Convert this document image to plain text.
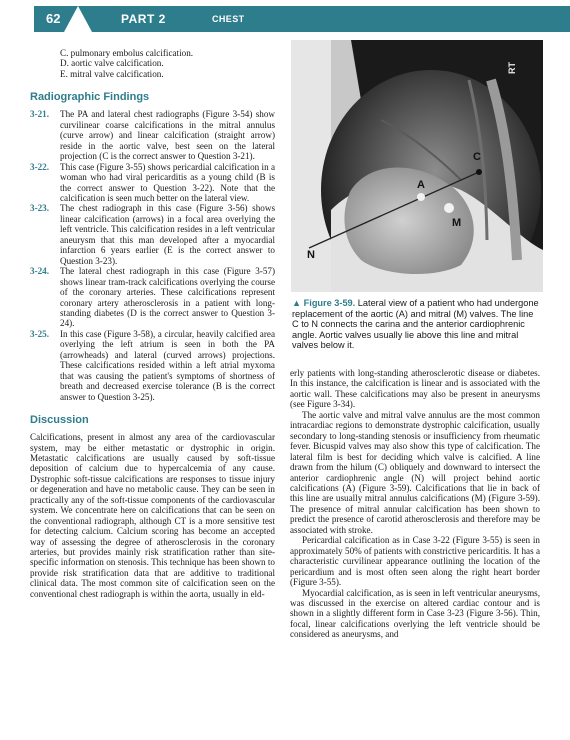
62	PART 2	CHEST

C. pulmonary embolus calcification.

D. aortic valve calcification.

E. mitral valve calcification.

Radiographic Findings
3-21.	The PA and lateral chest radiographs (Figure 3-54) show curvilinear coarse calcifications in the mitral annulus (curve arrow) and linear calcification (straight arrow) reside in the aortic valve, best seen on the lateral projection (C is the correct answer to Question 3-21).
3-22.	This case (Figure 3-55) shows pericardial calcification in a woman who had viral pericarditis as a young child (B is the correct answer to Question 3-22). Note that the calcification is seen much better on the lateral view.
3-23.	The chest radiograph in this case (Figure 3-56) shows linear calcification (arrows) in a focal area overlying the left ventricle. This calcification resides in a left ventricular aneurysm that this man developed after a myocardial infarction 6 years earlier (E is the correct answer to Question 3-23).
3-24.	The lateral chest radiograph in this case (Figure 3-57) shows linear tram-track calcifications overlying the course of the coronary arteries. These calcifications represent coronary artery atherosclerosis in a patient with long-standing diabetes (D is the correct answer to Question 3-24).
3-25.	In this case (Figure 3-58), a circular, heavily calcified area overlying the left atrium is seen in both the PA (arrowheads) and lateral (curved arrows) projections. These calcifications resided within a left atrial myxoma that was causing the patient's symptoms of shortness of breath and decreased exercise tolerance (B is the correct answer to Question 3-25).
Discussion

Calcifications, present in almost any area of the cardiovascular system, may be either metastatic or dystrophic in origin. Metastatic calcifications are usually caused by soft-tissue deposition of calcium due to hypercalcemia of any cause. Dystrophic soft-tissue calcifications are responses to tissue injury or degeneration and have no metabolic cause. They can be seen in practically any of the soft-tissue components of the cardiovascular system. We concentrate here on calcifications that can be seen on the conventional radiograph, although CT is a more sensitive test for detecting calcium. Calcium scoring has become an accepted way of assessing the degree of atherosclerosis in the coronary arteries, but provides mainly risk stratification rather than site-specific information on stenosis. This technique has been shown to provide risk stratification data that are additive to traditional clinical data. The most common site of calcification seen on the conventional chest radiograph is within the aorta, usually in eld-

C
A
M
N
RT
▲ Figure 3-59. Lateral view of a patient who had undergone replacement of the aortic (A) and mitral (M) valves. The line C to N connects the carina and the anterior cardiophrenic angle. Aortic valves usually lie above this line and mitral valves below it.

erly patients with long-standing atherosclerotic disease or diabetes. In this instance, the calcification is linear and is associated with the aortic wall. These calcifications may also be present in aneurysms (see Figure 3-34).

The aortic valve and mitral valve annulus are the most common intracardiac regions to demonstrate dystrophic calcification, usually secondary to long-standing stenosis or insufficiency from rheumatic fever. Bicuspid valves may also show this type of calcification. The lateral film is best for deciding which valve is calcified. A line drawn from the hilum (C) obliquely and downward to intersect the anterior cardiophrenic angle (N) will project behind aortic calcifications (A) (Figure 3-59). Calcifications that lie in back of this line are usually mitral annulus calcifications (M) (Figure 3-59). The presence of mitral annular calcification has been shown to predict the presence of carotid atherosclerosis and therefore may be associated with stroke.

Pericardial calcification as in Case 3-22 (Figure 3-55) is seen in approximately 50% of patients with constrictive pericarditis. It has a characteristic curvilinear appearance outlining the location of the pericardium and is most often seen along the right heart border (Figure 3-55).

Myocardial calcification, as is seen in left ventricular aneurysms, was discussed in the exercise on altered cardiac contour and is shown in a slightly different form in Case 3-23 (Figure 3-56). Thin, focal, linear calcifications overlying the left ventricle should be considered as aneurysms, and
